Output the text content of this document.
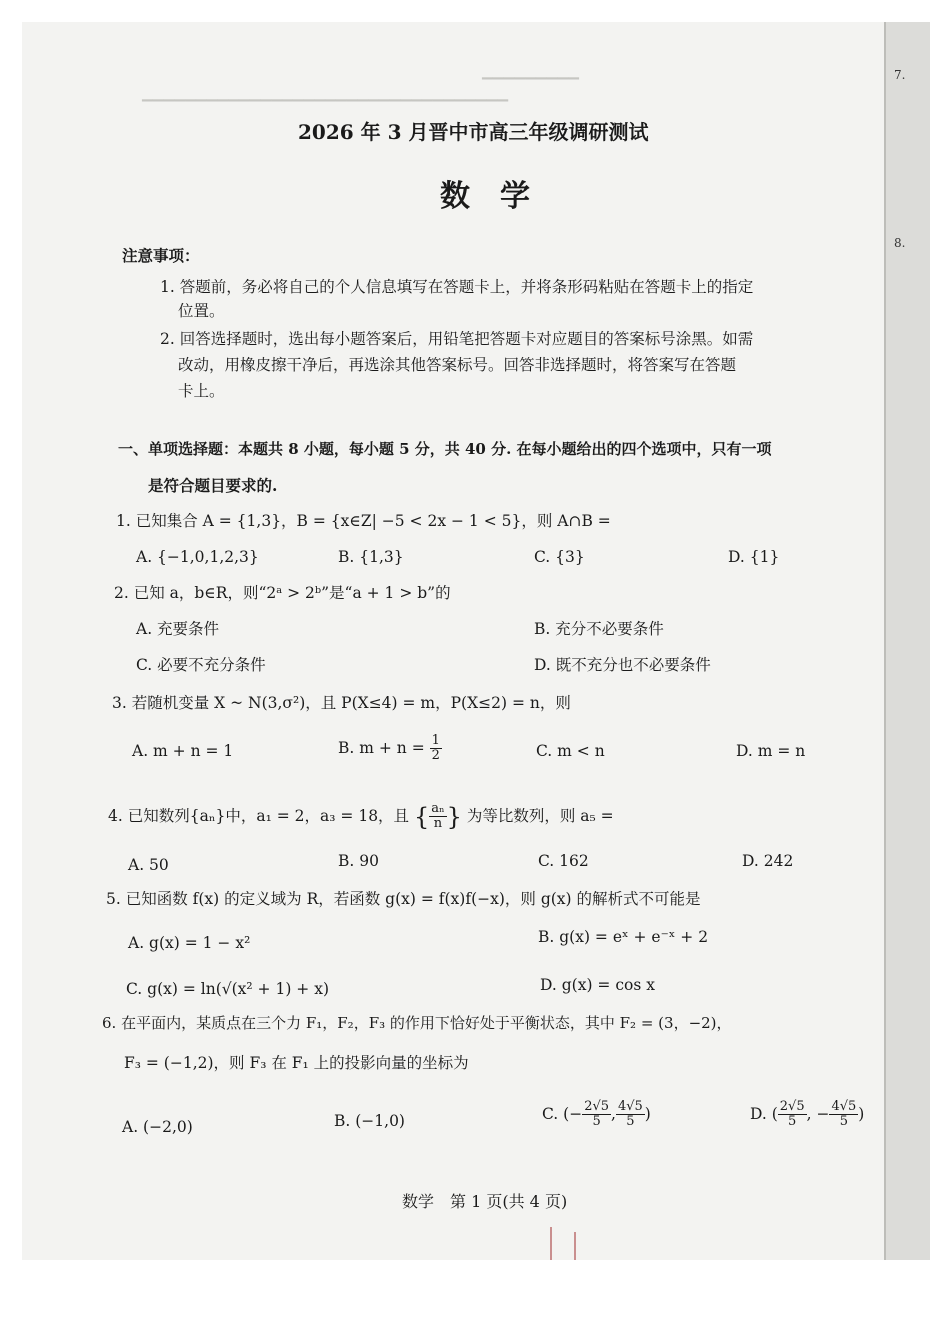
▁▁▁▁▁▁▁▁▁
▁▁▁▁▁▁▁▁▁▁▁▁▁▁▁▁▁▁▁▁▁▁▁▁▁▁▁▁▁▁▁▁▁▁
2026 年 3 月晋中市高三年级调研测试
数学
注意事项：
1. 答题前，务必将自己的个人信息填写在答题卡上，并将条形码粘贴在答题卡上的指定
位置。
2. 回答选择题时，选出每小题答案后，用铅笔把答题卡对应题目的答案标号涂黑。如需
改动，用橡皮擦干净后，再选涂其他答案标号。回答非选择题时，将答案写在答题
卡上。
一、单项选择题：本题共 8 小题，每小题 5 分，共 40 分. 在每小题给出的四个选项中，只有一项
是符合题目要求的.
1. 已知集合 A = {1,3}，B = {x∈Z| −5 < 2x − 1 < 5}，则 A∩B =
A. {−1,0,1,2,3}	B. {1,3}	C. {3}	D. {1}
2. 已知 a，b∈R，则“2ᵃ > 2ᵇ”是“a + 1 > b”的
A. 充要条件	B. 充分不必要条件
C. 必要不充分条件	D. 既不充分也不必要条件
3. 若随机变量 X ~ N(3,σ²)，且 P(X≤4) = m，P(X≤2) = n，则
A. m + n = 1	B. $m + n = \frac{1}{2}$	C. m < n	D. m = n
4. 已知数列{aₙ}中，a₁ = 2，a₃ = 18，且 { $\frac{\text{aₙ}}{n}$ } 为等比数列，则 a₅ =
A. 50	B. 90	C. 162	D. 242
5. 已知函数 f(x) 的定义域为 R，若函数 g(x) = f(x)f(−x)，则 g(x) 的解析式不可能是
A. g(x) = 1 − x²	B. g(x) = eˣ + e⁻ˣ + 2
C. g(x) = ln(√(x² + 1) + x)	D. g(x) = cos x
6. 在平面内，某质点在三个力 F₁，F₂，F₃ 的作用下恰好处于平衡状态，其中 F₂ = (3，−2)，
F₃ = (−1,2)，则 F₃ 在 F₁ 上的投影向量的坐标为
A. (−2,0)	B. (−1,0)	C. (− $\frac{2√5}{5}$ , $\frac{4√5}{5}$ )	D. ( $\frac{2√5}{5}$ , − $\frac{4√5}{5}$ )
数学　第 1 页(共 4 页)
7.
8.
